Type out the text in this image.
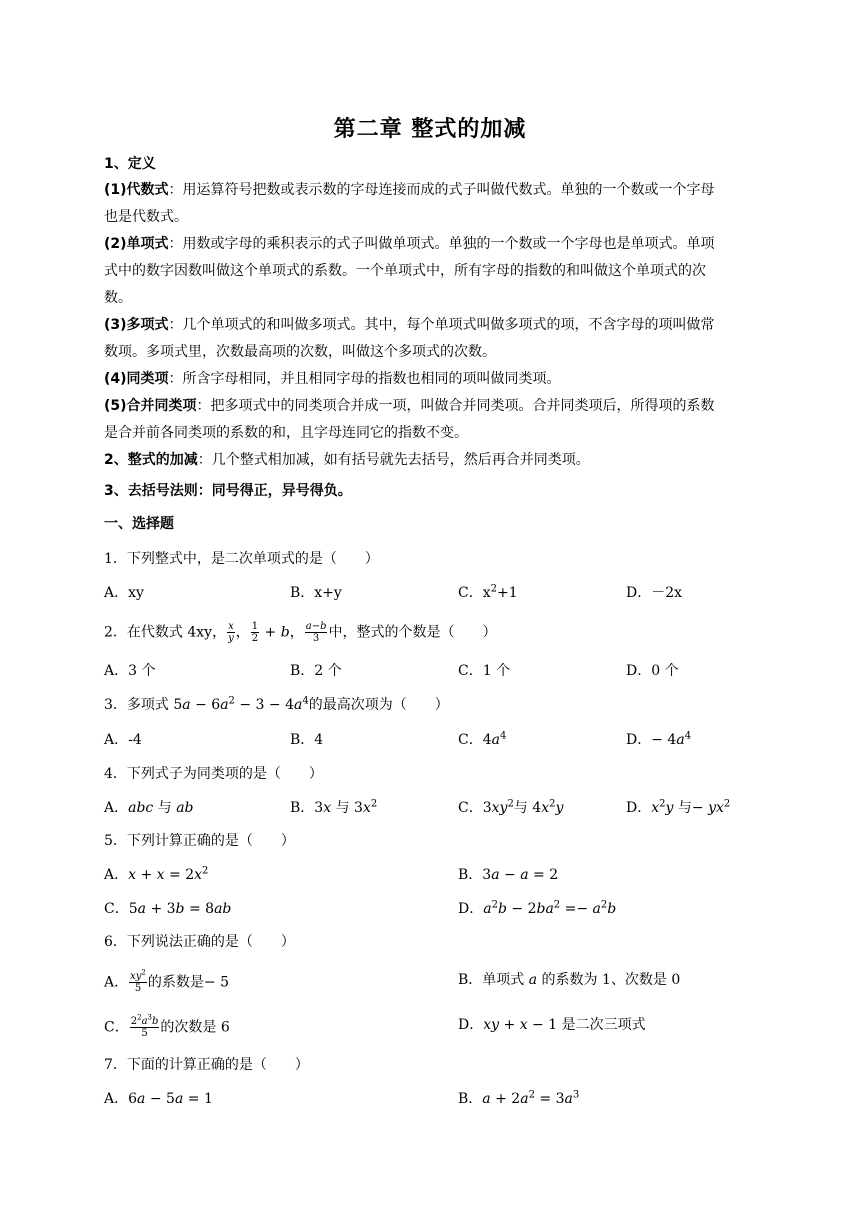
第二章 整式的加减
1、定义
(1)代数式：用运算符号把数或表示数的字母连接而成的式子叫做代数式。单独的一个数或一个字母
也是代数式。
(2)单项式：用数或字母的乘积表示的式子叫做单项式。单独的一个数或一个字母也是单项式。单项
式中的数字因数叫做这个单项式的系数。一个单项式中，所有字母的指数的和叫做这个单项式的次
数。
(3)多项式：几个单项式的和叫做多项式。其中，每个单项式叫做多项式的项，不含字母的项叫做常
数项。多项式里，次数最高项的次数，叫做这个多项式的次数。
(4)同类项：所含字母相同，并且相同字母的指数也相同的项叫做同类项。
(5)合并同类项：把多项式中的同类项合并成一项，叫做合并同类项。合并同类项后，所得项的系数
是合并前各同类项的系数的和，且字母连同它的指数不变。
2、整式的加减：几个整式相加减，如有括号就先去括号，然后再合并同类项。
3、去括号法则：同号得正，异号得负。
一、选择题
1．下列整式中，是二次单项式的是（　　）
A．xy	B．x+y	C．$x^2+1$	D．－2x
2．在代数式 4xy， $\frac{x}{y}$ ， $\frac{1}{2} + b$， $\frac{a-b}{3}$ 中，整式的个数是（　　）
A．3 个	B．2 个	C．1 个	D．0 个
3．多项式 $5a - 6a^2 - 3 - 4a^4$的最高次项为（　　）
A．-4	B．4	C．$4a^4$	D．− $4a^4$
4．下列式子为同类项的是（　　）
A．abc 与 ab	B．3x 与 $3x^2$	C．$3xy^2$与 $4x^2y$	D．$x^2y$ 与− $yx^2$
5．下列计算正确的是（　　）
A．$x + x = 2x^2$	B．3a − a = 2
C．5a + 3b = 8ab	D．$a^2b - 2ba^2 =- a^2b$
6．下列说法正确的是（　　）
A． $\frac{xy^2}{5}$ 的系数是− 5	B．单项式 a 的系数为 1、次数是 0
C． $\frac{2^2a^3b}{5}$ 的次数是 6	D．xy + x − 1 是二次三项式
7．下面的计算正确的是（　　）
A．6a − 5a = 1	B．$a + 2a^2 = 3a^3$
